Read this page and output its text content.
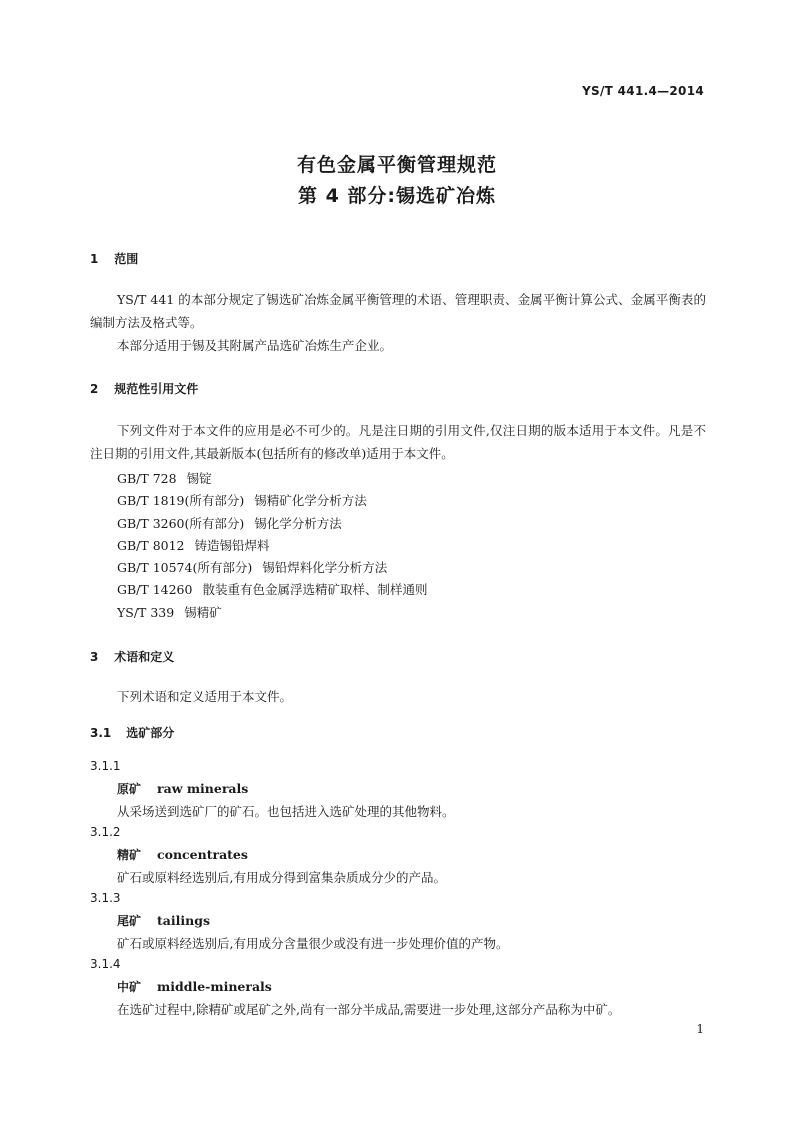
YS/T 441.4—2014
有色金属平衡管理规范
第 4 部分:锡选矿冶炼
1 范围
YS/T 441 的本部分规定了锡选矿冶炼金属平衡管理的术语、管理职责、金属平衡计算公式、金属平衡表的编制方法及格式等。
本部分适用于锡及其附属产品选矿冶炼生产企业。
2 规范性引用文件
下列文件对于本文件的应用是必不可少的。凡是注日期的引用文件,仅注日期的版本适用于本文件。凡是不注日期的引用文件,其最新版本(包括所有的修改单)适用于本文件。
GB/T 728 锡锭
GB/T 1819(所有部分) 锡精矿化学分析方法
GB/T 3260(所有部分) 锡化学分析方法
GB/T 8012 铸造锡铅焊料
GB/T 10574(所有部分) 锡铅焊料化学分析方法
GB/T 14260 散装重有色金属浮选精矿取样、制样通则
YS/T 339 锡精矿
3 术语和定义
下列术语和定义适用于本文件。
3.1 选矿部分
3.1.1
原矿 raw minerals
从采场送到选矿厂的矿石。也包括进入选矿处理的其他物料。
3.1.2
精矿 concentrates
矿石或原料经选别后,有用成分得到富集杂质成分少的产品。
3.1.3
尾矿 tailings
矿石或原料经选别后,有用成分含量很少或没有进一步处理价值的产物。
3.1.4
中矿 middle-minerals
在选矿过程中,除精矿或尾矿之外,尚有一部分半成品,需要进一步处理,这部分产品称为中矿。
1
